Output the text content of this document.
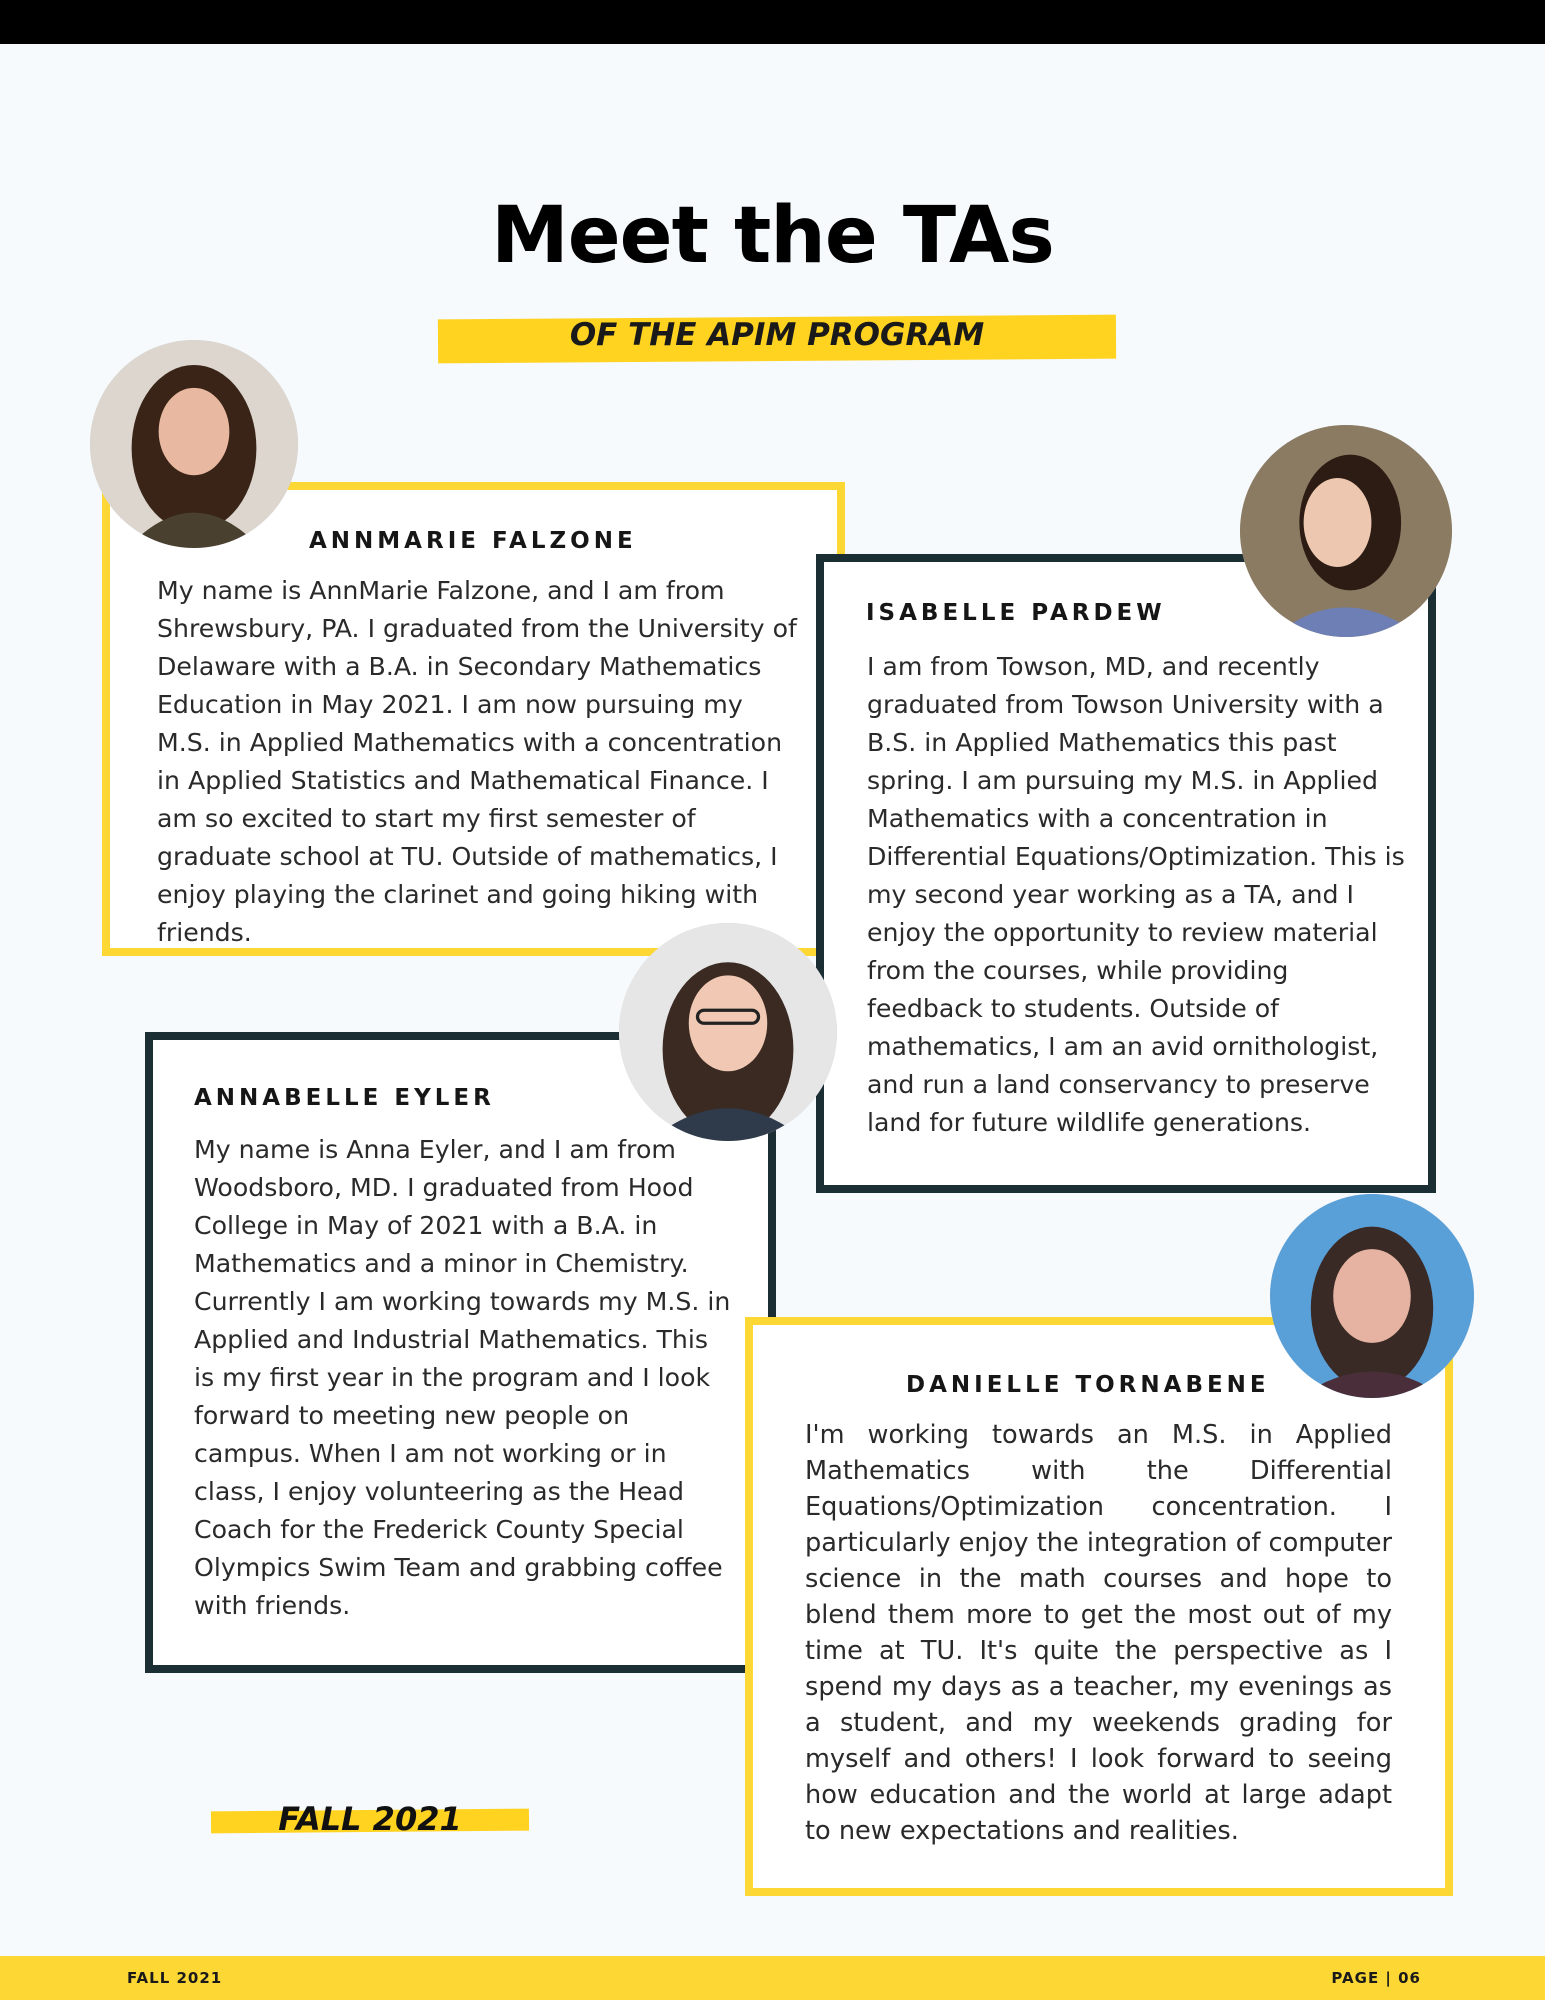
Meet the TAs
OF THE APIM PROGRAM
ANNMARIE FALZONE

My name is AnnMarie Falzone, and I am from Shrewsbury, PA. I graduated from the University of Delaware with a B.A. in Secondary Mathematics Education in May 2021. I am now pursuing my M.S. in Applied Mathematics with a concentration in Applied Statistics and Mathematical Finance. I am so excited to start my first semester of graduate school at TU. Outside of mathematics, I enjoy playing the clarinet and going hiking with friends.

ISABELLE PARDEW

I am from Towson, MD, and recently graduated from Towson University with a B.S. in Applied Mathematics this past spring. I am pursuing my M.S. in Applied Mathematics with a concentration in Differential Equations/Optimization. This is my second year working as a TA, and I enjoy the opportunity to review material from the courses, while providing feedback to students. Outside of mathematics, I am an avid ornithologist, and run a land conservancy to preserve land for future wildlife generations.

ANNABELLE EYLER

My name is Anna Eyler, and I am from Woodsboro, MD. I graduated from Hood College in May of 2021 with a B.A. in Mathematics and a minor in Chemistry. Currently I am working towards my M.S. in Applied and Industrial Mathematics. This is my first year in the program and I look forward to meeting new people on campus. When I am not working or in class, I enjoy volunteering as the Head Coach for the Frederick County Special Olympics Swim Team and grabbing coffee with friends.

DANIELLE TORNABENE

I'm working towards an M.S. in Applied Mathematics with the Differential Equations/Optimization concentration. I particularly enjoy the integration of computer science in the math courses and hope to blend them more to get the most out of my time at TU. It's quite the perspective as I spend my days as a teacher, my evenings as a student, and my weekends grading for myself and others! I look forward to seeing how education and the world at large adapt to new expectations and realities.

FALL 2021
FALL 2021	PAGE | 06
